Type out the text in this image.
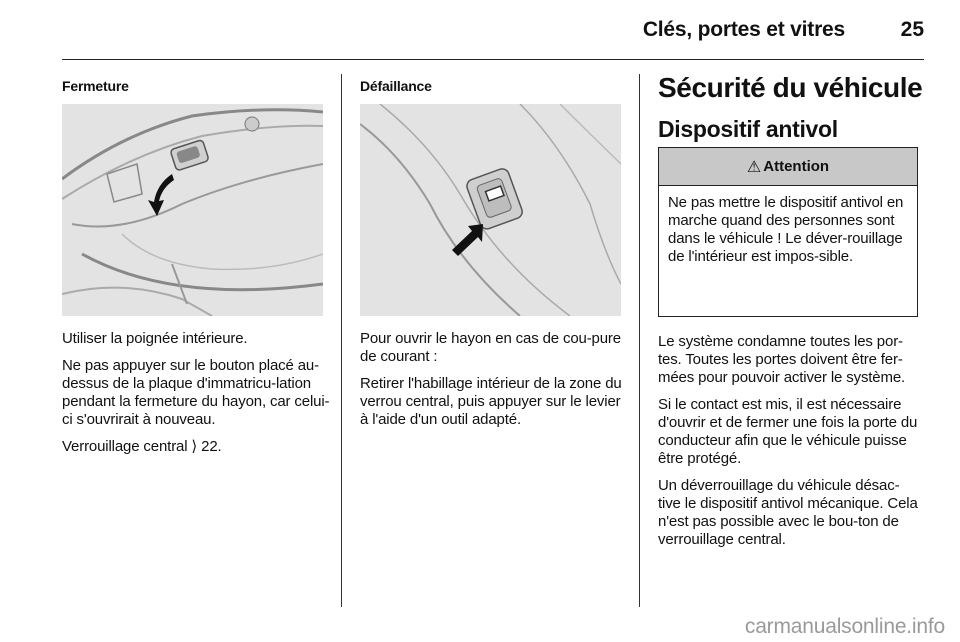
Clés, portes et vitres	25
Fermeture

Utiliser la poignée intérieure.

Ne pas appuyer sur le bouton placé au-dessus de la plaque d'immatricu-lation pendant la fermeture du hayon, car celui-ci s'ouvrirait à nouveau.

Verrouillage central ⟩ 22.

Défaillance

Pour ouvrir le hayon en cas de cou-pure de courant :

Retirer l'habillage intérieur de la zone du verrou central, puis appuyer sur le levier à l'aide d'un outil adapté.

Sécurité du véhicule
Dispositif antivol
⚠ Attention
Ne pas mettre le dispositif antivol en marche quand des personnes sont dans le véhicule ! Le déver-rouillage de l'intérieur est impos-sible.

Le système condamne toutes les por-tes. Toutes les portes doivent être fer-mées pour pouvoir activer le système.

Si le contact est mis, il est nécessaire d'ouvrir et de fermer une fois la porte du conducteur afin que le véhicule puisse être protégé.

Un déverrouillage du véhicule désac-tive le dispositif antivol mécanique. Cela n'est pas possible avec le bou-ton de verrouillage central.

carmanualsonline.info
